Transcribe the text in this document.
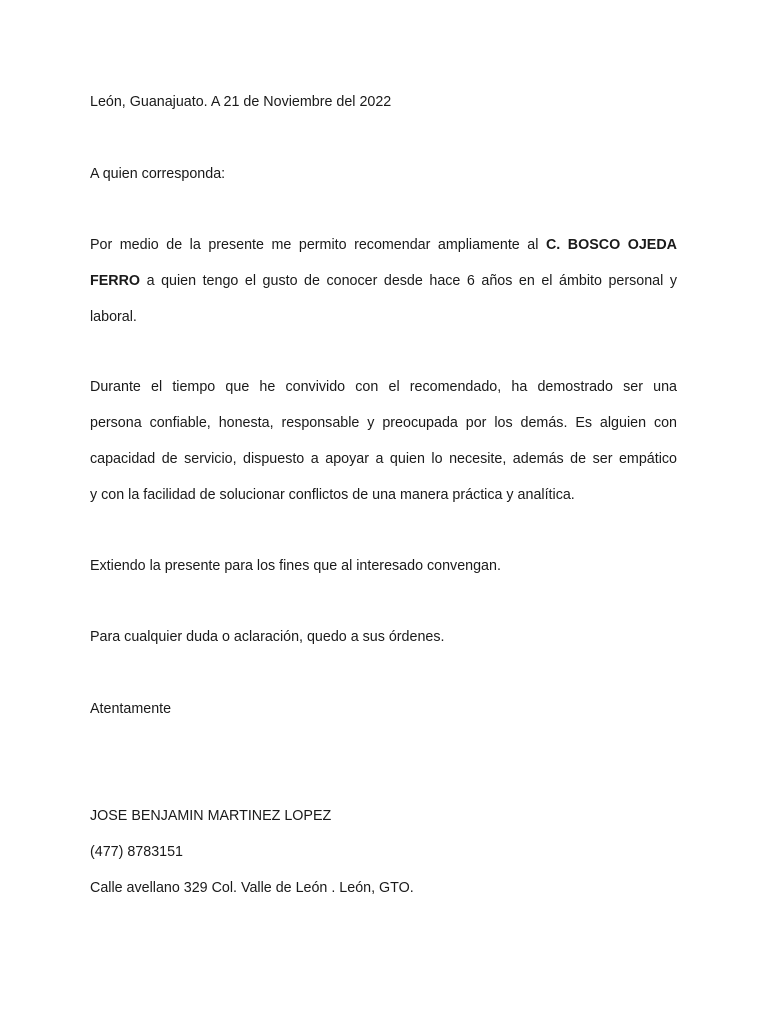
León, Guanajuato. A 21 de Noviembre del 2022
A quien corresponda:
Por medio de la presente me permito recomendar ampliamente al C. BOSCO OJEDA
FERRO a quien tengo el gusto de conocer desde hace 6 años en el ámbito personal y
laboral.
Durante el tiempo que he convivido con el recomendado, ha demostrado ser una
persona confiable, honesta, responsable y preocupada por los demás. Es alguien con
capacidad de servicio, dispuesto a apoyar a quien lo necesite, además de ser empático
y con la facilidad de solucionar conflictos de una manera práctica y analítica.
Extiendo la presente para los fines que al interesado convengan.
Para cualquier duda o aclaración, quedo a sus órdenes.
Atentamente
JOSE BENJAMIN MARTINEZ LOPEZ
(477) 8783151
Calle avellano 329 Col. Valle de León . León, GTO.
